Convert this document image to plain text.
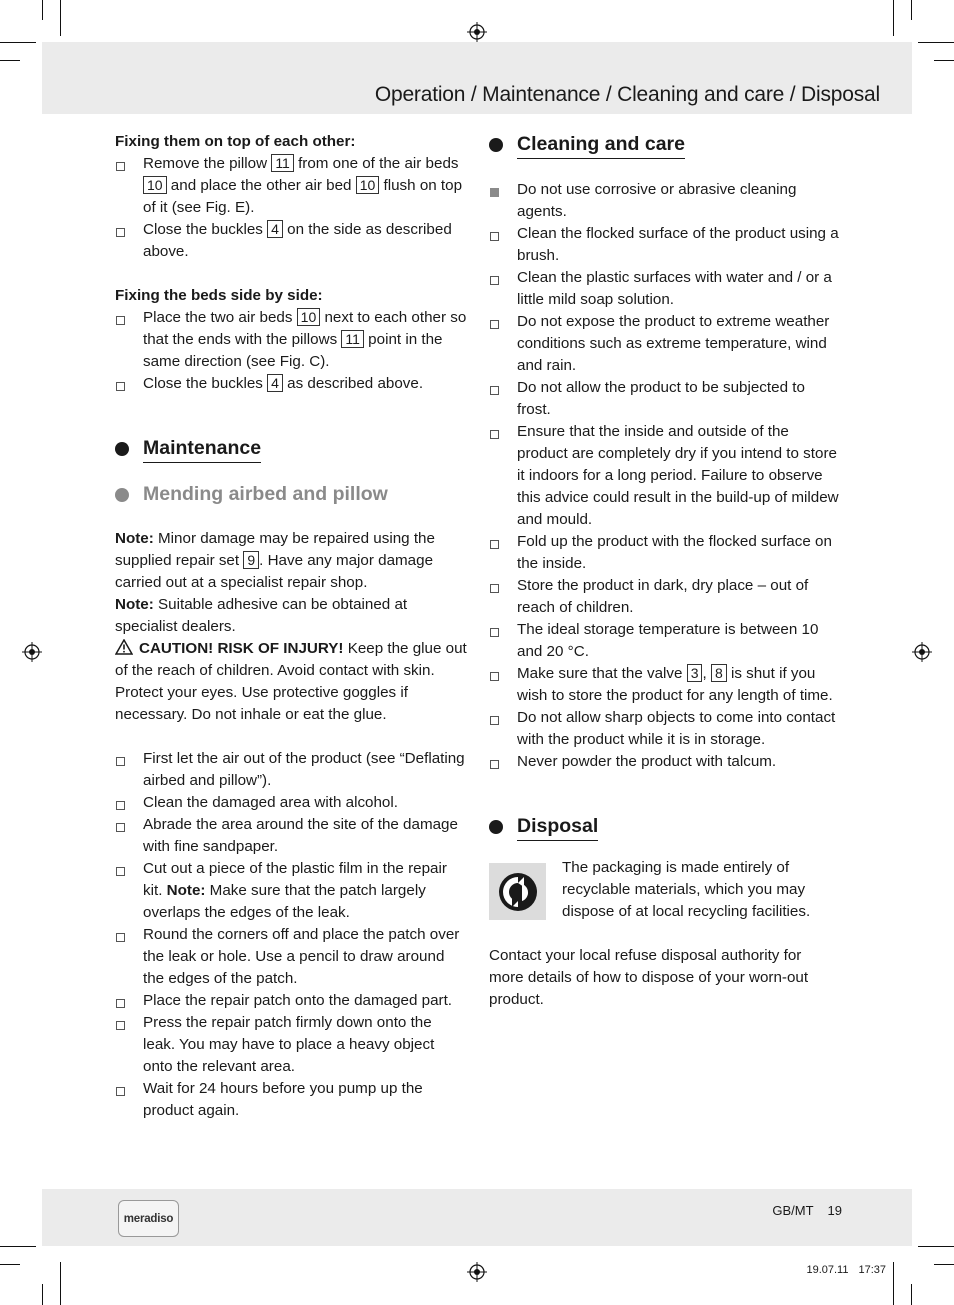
Operation / Maintenance / Cleaning and care / Disposal

Fixing them on top of each other:

Remove the pillow 11 from one of the air beds 10 and place the other air bed 10 flush on top of it (see Fig. E).
Close the buckles 4 on the side as described above.

Fixing the beds side by side:

Place the two air beds 10 next to each other so that the ends with the pillows 11 point in the same direction (see Fig. C).
Close the buckles 4 as described above.
Maintenance
Mending airbed and pillow

Note: Minor damage may be repaired using the supplied repair set 9 . Have any major damage carried out at a specialist repair shop.

Note: Suitable adhesive can be obtained at specialist dealers.

CAUTION! RISK OF INJURY! Keep the glue out of the reach of children. Avoid contact with skin. Protect your eyes. Use protective goggles if necessary. Do not inhale or eat the glue.

First let the air out of the product (see “Deflating airbed and pillow”).
Clean the damaged area with alcohol.
Abrade the area around the site of the damage with fine sandpaper.
Cut out a piece of the plastic film in the repair kit. Note: Make sure that the patch largely overlaps the edges of the leak.
Round the corners off and place the patch over the leak or hole. Use a pencil to draw around the edges of the patch.
Place the repair patch onto the damaged part.
Press the repair patch firmly down onto the leak. You may have to place a heavy object onto the relevant area.
Wait for 24 hours before you pump up the product again.
Cleaning and care
Do not use corrosive or abrasive cleaning agents.
Clean the flocked surface of the product using a brush.
Clean the plastic surfaces with water and / or a little mild soap solution.
Do not expose the product to extreme weather conditions such as extreme temperature, wind and rain.
Do not allow the product to be subjected to frost.
Ensure that the inside and outside of the product are completely dry if you intend to store it indoors for a long period. Failure to observe this advice could result in the build-up of mildew and mould.
Fold up the product with the flocked surface on the inside.
Store the product in dark, dry place – out of reach of children.
The ideal storage temperature is between 10 and 20 °C.
Make sure that the valve 3 , 8 is shut if you wish to store the product for any length of time.
Do not allow sharp objects to come into contact with the product while it is in storage.
Never powder the product with talcum.
Disposal

The packaging is made entirely of recyclable materials, which you may dispose of at local recycling facilities.

Contact your local refuse disposal authority for more details of how to dispose of your worn-out product.

meradiso
GB/MT 19
19.07.11 17:37
